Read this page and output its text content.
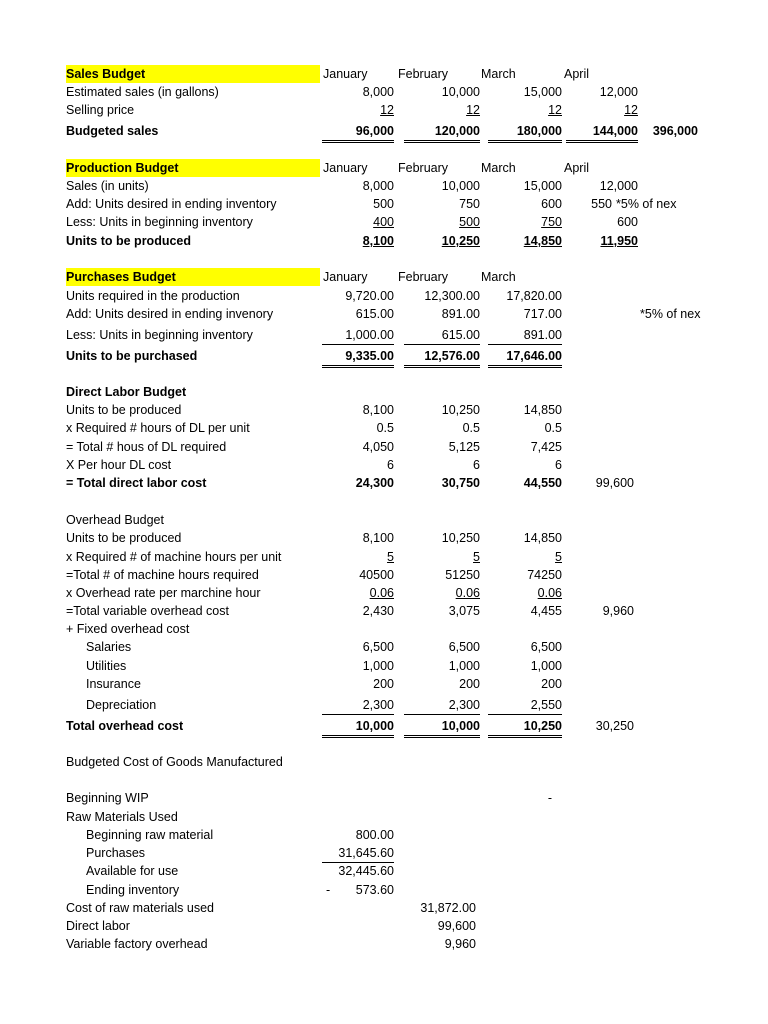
Sales Budget	January February	March	April
Estimated sales (in gallons)	8,000	10,000	15,000	12,000
Selling price	12	12	12	12
Budgeted sales	96,000	120,000	180,000	144,000	396,000
Production Budget	January February	March	April
Sales (in units)	8,000	10,000	15,000	12,000
Add: Units desired in ending inventory	500	750	600	550 *5% of nex
Less: Units in beginning inventory	400	500	750	600
Units to be produced	8,100	10,250	14,850	11,950
Purchases Budget	January February	March
Units required in the production	9,720.00	12,300.00	17,820.00
Add: Units desired in ending invenory	615.00	891.00	717.00	*5% of nex
Less: Units in beginning inventory	1,000.00	615.00	891.00
Units to be purchased	9,335.00	12,576.00	17,646.00
Direct Labor Budget
Units to be produced	8,100	10,250	14,850
x Required # hours of DL per unit	0.5	0.5	0.5
= Total # hous of DL required	4,050	5,125	7,425
X Per hour DL cost	6	6	6
= Total direct labor cost	24,300	30,750	44,550	99,600
Overhead Budget
Units to be produced	8,100	10,250	14,850
x Required # of machine hours per unit	5	5	5
=Total # of machine hours required	40500	51250	74250
x Overhead rate per marchine hour	0.06	0.06	0.06
=Total variable overhead cost	2,430	3,075	4,455	9,960
+ Fixed overhead cost
Salaries	6,500	6,500	6,500
Utilities	1,000	1,000	1,000
Insurance	200	200	200
Depreciation	2,300	2,300	2,550
Total overhead cost	10,000	10,000	10,250	30,250
Budgeted Cost of Goods Manufactured
Beginning WIP	-
Raw Materials Used
Beginning raw material	800.00
Purchases	31,645.60
Available for use	32,445.60
Ending inventory	-	573.60
Cost of raw materials used	31,872.00
Direct labor	99,600
Variable factory overhead	9,960
